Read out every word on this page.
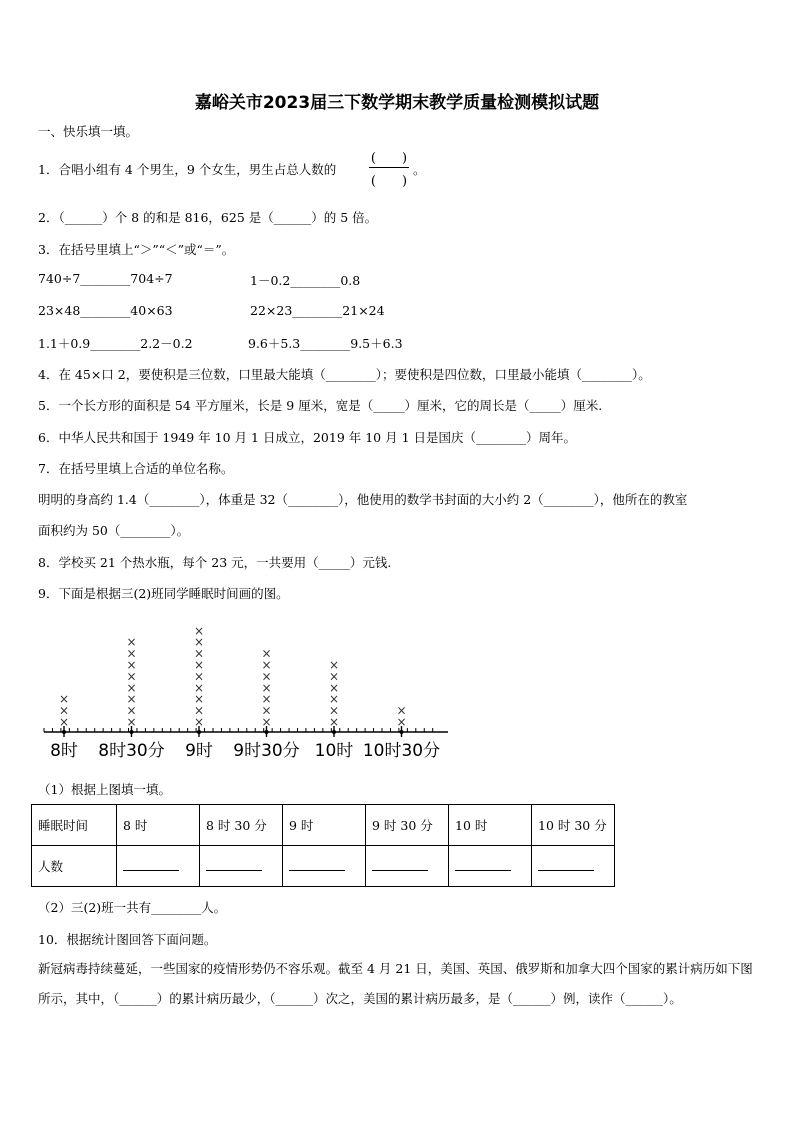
嘉峪关市2023届三下数学期末教学质量检测模拟试题
一、快乐填一填。
1．合唱小组有 4 个男生，9 个女生，男生占总人数的
(　　)
(　　)
。
2．（______）个 8 的和是 816，625 是（______）的 5 倍。
3．在括号里填上“＞”“＜”或“＝”。
740÷7________704÷7	1－0.2________0.8
23×48________40×63	22×23________21×24
1.1＋0.9________2.2－0.2	9.6＋5.3________9.5＋6.3
4．在 45×口 2，要使积是三位数，口里最大能填（________）；要使积是四位数，口里最小能填（________）。
5．一个长方形的面积是 54 平方厘米，长是 9 厘米，宽是（_____）厘米，它的周长是（_____）厘米.
6．中华人民共和国于 1949 年 10 月 1 日成立，2019 年 10 月 1 日是国庆（________）周年。
7．在括号里填上合适的单位名称。
明明的身高约 1.4（________），体重是 32（________），他使用的数学书封面的大小约 2（________），他所在的教室
面积约为 50（________）。
8．学校买 21 个热水瓶，每个 23 元，一共要用（_____）元钱.
9．下面是根据三(2)班同学睡眠时间画的图。
×
×
×
×
×
×
×
×
×
×
×
×
×
×
×
×
×
×
×
×
×
×
×
×
×
×
×
×
×
×
×
×
×
×
×
8时 8时30分 9时 9时30分 10时 10时30分
（1）根据上图填一填。
睡眠时间	8 时	8 时 30 分	9 时	9 时 30 分	10 时	10 时 30 分
人数						
（2）三(2)班一共有________人。
10．根据统计图回答下面问题。
新冠病毒持续蔓延，一些国家的疫情形势仍不容乐观。截至 4 月 21 日，美国、英国、俄罗斯和加拿大四个国家的累计病历如下图所示，其中，（______）的累计病历最少，（______）次之，美国的累计病历最多，是（______）例，读作（______）。
